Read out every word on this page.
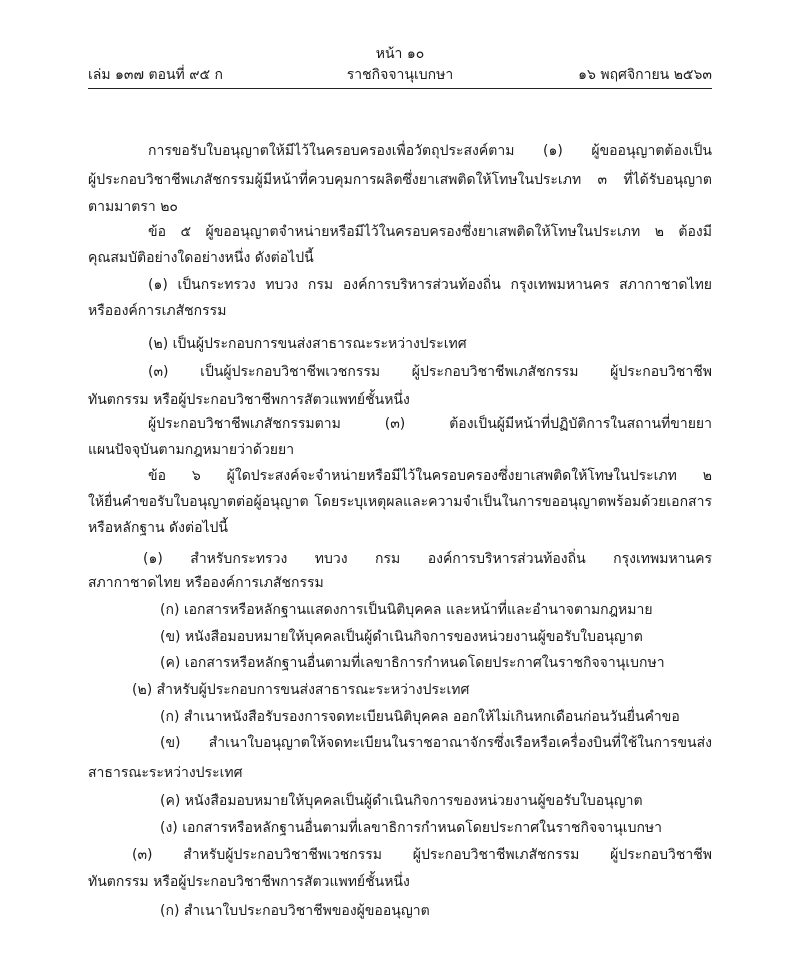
หน้า ๑๐
เล่ม ๑๓๗ ตอนที่ ๙๕ ก	ราชกิจจานุเบกษา	๑๖ พฤศจิกายน ๒๕๖๓
การขอรับใบอนุญาตให้มีไว้ในครอบครองเพื่อวัตถุประสงค์ตาม (๑) ผู้ขออนุญาตต้องเป็น
ผู้ประกอบวิชาชีพเภสัชกรรมผู้มีหน้าที่ควบคุมการผลิตซึ่งยาเสพติดให้โทษในประเภท ๓ ที่ได้รับอนุญาต
ตามมาตรา ๒๐
ข้อ ๕ ผู้ขออนุญาตจำหน่ายหรือมีไว้ในครอบครองซึ่งยาเสพติดให้โทษในประเภท ๒ ต้องมี
คุณสมบัติอย่างใดอย่างหนึ่ง ดังต่อไปนี้
(๑) เป็นกระทรวง ทบวง กรม องค์การบริหารส่วนท้องถิ่น กรุงเทพมหานคร สภากาชาดไทย
หรือองค์การเภสัชกรรม
(๒) เป็นผู้ประกอบการขนส่งสาธารณะระหว่างประเทศ
(๓) เป็นผู้ประกอบวิชาชีพเวชกรรม ผู้ประกอบวิชาชีพเภสัชกรรม ผู้ประกอบวิชาชีพ
ทันตกรรม หรือผู้ประกอบวิชาชีพการสัตวแพทย์ชั้นหนึ่ง
ผู้ประกอบวิชาชีพเภสัชกรรมตาม (๓) ต้องเป็นผู้มีหน้าที่ปฏิบัติการในสถานที่ขายยา
แผนปัจจุบันตามกฎหมายว่าด้วยยา
ข้อ ๖ ผู้ใดประสงค์จะจำหน่ายหรือมีไว้ในครอบครองซึ่งยาเสพติดให้โทษในประเภท ๒
ให้ยื่นคำขอรับใบอนุญาตต่อผู้อนุญาต โดยระบุเหตุผลและความจำเป็นในการขออนุญาตพร้อมด้วยเอกสาร
หรือหลักฐาน ดังต่อไปนี้
(๑) สำหรับกระทรวง ทบวง กรม องค์การบริหารส่วนท้องถิ่น กรุงเทพมหานคร
สภากาชาดไทย หรือองค์การเภสัชกรรม
(ก) เอกสารหรือหลักฐานแสดงการเป็นนิติบุคคล และหน้าที่และอำนาจตามกฎหมาย
(ข) หนังสือมอบหมายให้บุคคลเป็นผู้ดำเนินกิจการของหน่วยงานผู้ขอรับใบอนุญาต
(ค) เอกสารหรือหลักฐานอื่นตามที่เลขาธิการกำหนดโดยประกาศในราชกิจจานุเบกษา
(๒) สำหรับผู้ประกอบการขนส่งสาธารณะระหว่างประเทศ
(ก) สำเนาหนังสือรับรองการจดทะเบียนนิติบุคคล ออกให้ไม่เกินหกเดือนก่อนวันยื่นคำขอ
(ข) สำเนาใบอนุญาตให้จดทะเบียนในราชอาณาจักรซึ่งเรือหรือเครื่องบินที่ใช้ในการขนส่ง
สาธารณะระหว่างประเทศ
(ค) หนังสือมอบหมายให้บุคคลเป็นผู้ดำเนินกิจการของหน่วยงานผู้ขอรับใบอนุญาต
(ง) เอกสารหรือหลักฐานอื่นตามที่เลขาธิการกำหนดโดยประกาศในราชกิจจานุเบกษา
(๓) สำหรับผู้ประกอบวิชาชีพเวชกรรม ผู้ประกอบวิชาชีพเภสัชกรรม ผู้ประกอบวิชาชีพ
ทันตกรรม หรือผู้ประกอบวิชาชีพการสัตวแพทย์ชั้นหนึ่ง
(ก) สำเนาใบประกอบวิชาชีพของผู้ขออนุญาต
